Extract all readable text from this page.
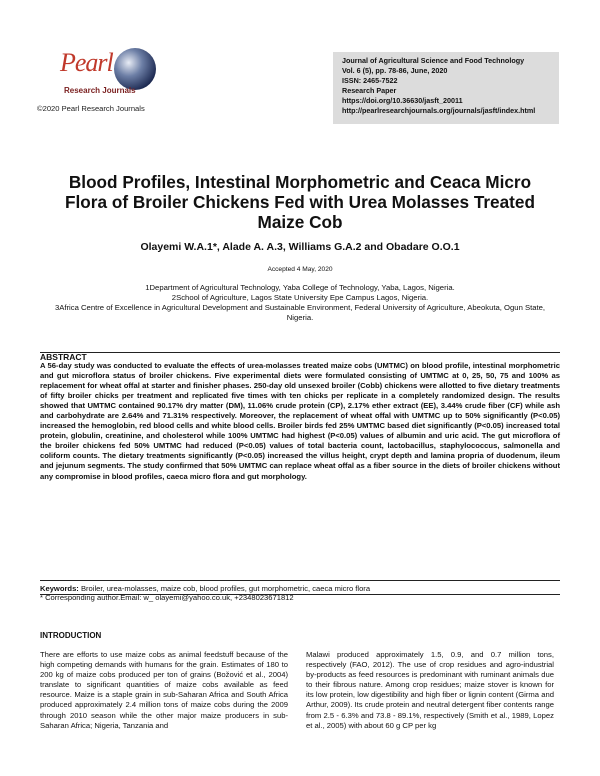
Pearl
Research Journals
©2020 Pearl Research Journals
Journal of Agricultural Science and Food Technology
Vol. 6 (5), pp. 78-86, June, 2020
ISSN: 2465-7522
Research Paper
https://doi.org/10.36630/jasft_20011
http://pearlresearchjournals.org/journals/jasft/index.html
Blood Profiles, Intestinal Morphometric and Ceaca Micro Flora of Broiler Chickens Fed with Urea Molasses Treated Maize Cob
Olayemi W.A.1*, Alade A. A.3, Williams G.A.2 and Obadare O.O.1
Accepted 4 May, 2020
1Department of Agricultural Technology, Yaba College of Technology, Yaba, Lagos, Nigeria.
2School of Agriculture, Lagos State University Epe Campus Lagos, Nigeria.
3Africa Centre of Excellence in Agricultural Development and Sustainable Environment, Federal University of Agriculture, Abeokuta, Ogun State, Nigeria.
ABSTRACT
A 56-day study was conducted to evaluate the effects of urea-molasses treated maize cobs (UMTMC) on blood profile, intestinal morphometric and gut microflora status of broiler chickens. Five experimental diets were formulated consisting of UMTMC at 0, 25, 50, 75 and 100% as replacement for wheat offal at starter and finisher phases. 250-day old unsexed broiler (Cobb) chickens were allotted to five dietary treatments of fifty broiler chicks per treatment and replicated five times with ten chicks per replicate in a completely randomized design. The results showed that UMTMC contained 90.17% dry matter (DM), 11.06% crude protein (CP), 2.17% ether extract (EE), 3.44% crude fiber (CF) while ash and carbohydrate are 2.64% and 71.31% respectively. Moreover, the replacement of wheat offal with UMTMC up to 50% significantly (P<0.05) increased the hemoglobin, red blood cells and white blood cells. Broiler birds fed 25% UMTMC based diet significantly (P<0.05) increased total protein, globulin, creatinine, and cholesterol while 100% UMTMC had highest (P<0.05) values of albumin and uric acid. The gut microflora of the broiler chickens fed 50% UMTMC had reduced (P<0.05) values of total bacteria count, lactobacillus, staphylococcus, salmonella and coliform counts. The dietary treatments significantly (P<0.05) increased the villus height, crypt depth and lamina propria of duodenum, ileum and jejunum segments. The study confirmed that 50% UMTMC can replace wheat offal as a fiber source in the diets of broiler chickens without any compromise in blood profiles, caeca micro flora and gut morphology.
Keywords: Broiler, urea-molasses, maize cob, blood profiles, gut morphometric, caeca micro flora
* Corresponding author.Email: w_ olayemi@yahoo.co.uk, +2348023671812
INTRODUCTION

There are efforts to use maize cobs as animal feedstuff because of the high competing demands with humans for the grain. Estimates of 180 to 200 kg of maize cobs produced per ton of grains (Božović et al., 2004) translate to significant quantities of maize cobs available as feed resource. Maize is a staple grain in sub-Saharan Africa and South Africa produced approximately 2.4 million tons of maize cobs during the 2009 through 2010 season while the other major maize producers in sub-Saharan Africa; Nigeria, Tanzania and

Malawi produced approximately 1.5, 0.9, and 0.7 million tons, respectively (FAO, 2012). The use of crop residues and agro-industrial by-products as feed resources is predominant with ruminant animals due to their fibrous nature. Among crop residues; maize stover is known for its low protein, low digestibility and high fiber or lignin content (Girma and Arthur, 2009). Its crude protein and neutral detergent fiber contents range from 2.5 - 6.3% and 73.8 - 89.1%, respectively (Smith et al., 1989, Lopez et al., 2005) with about 60 g CP per kg
